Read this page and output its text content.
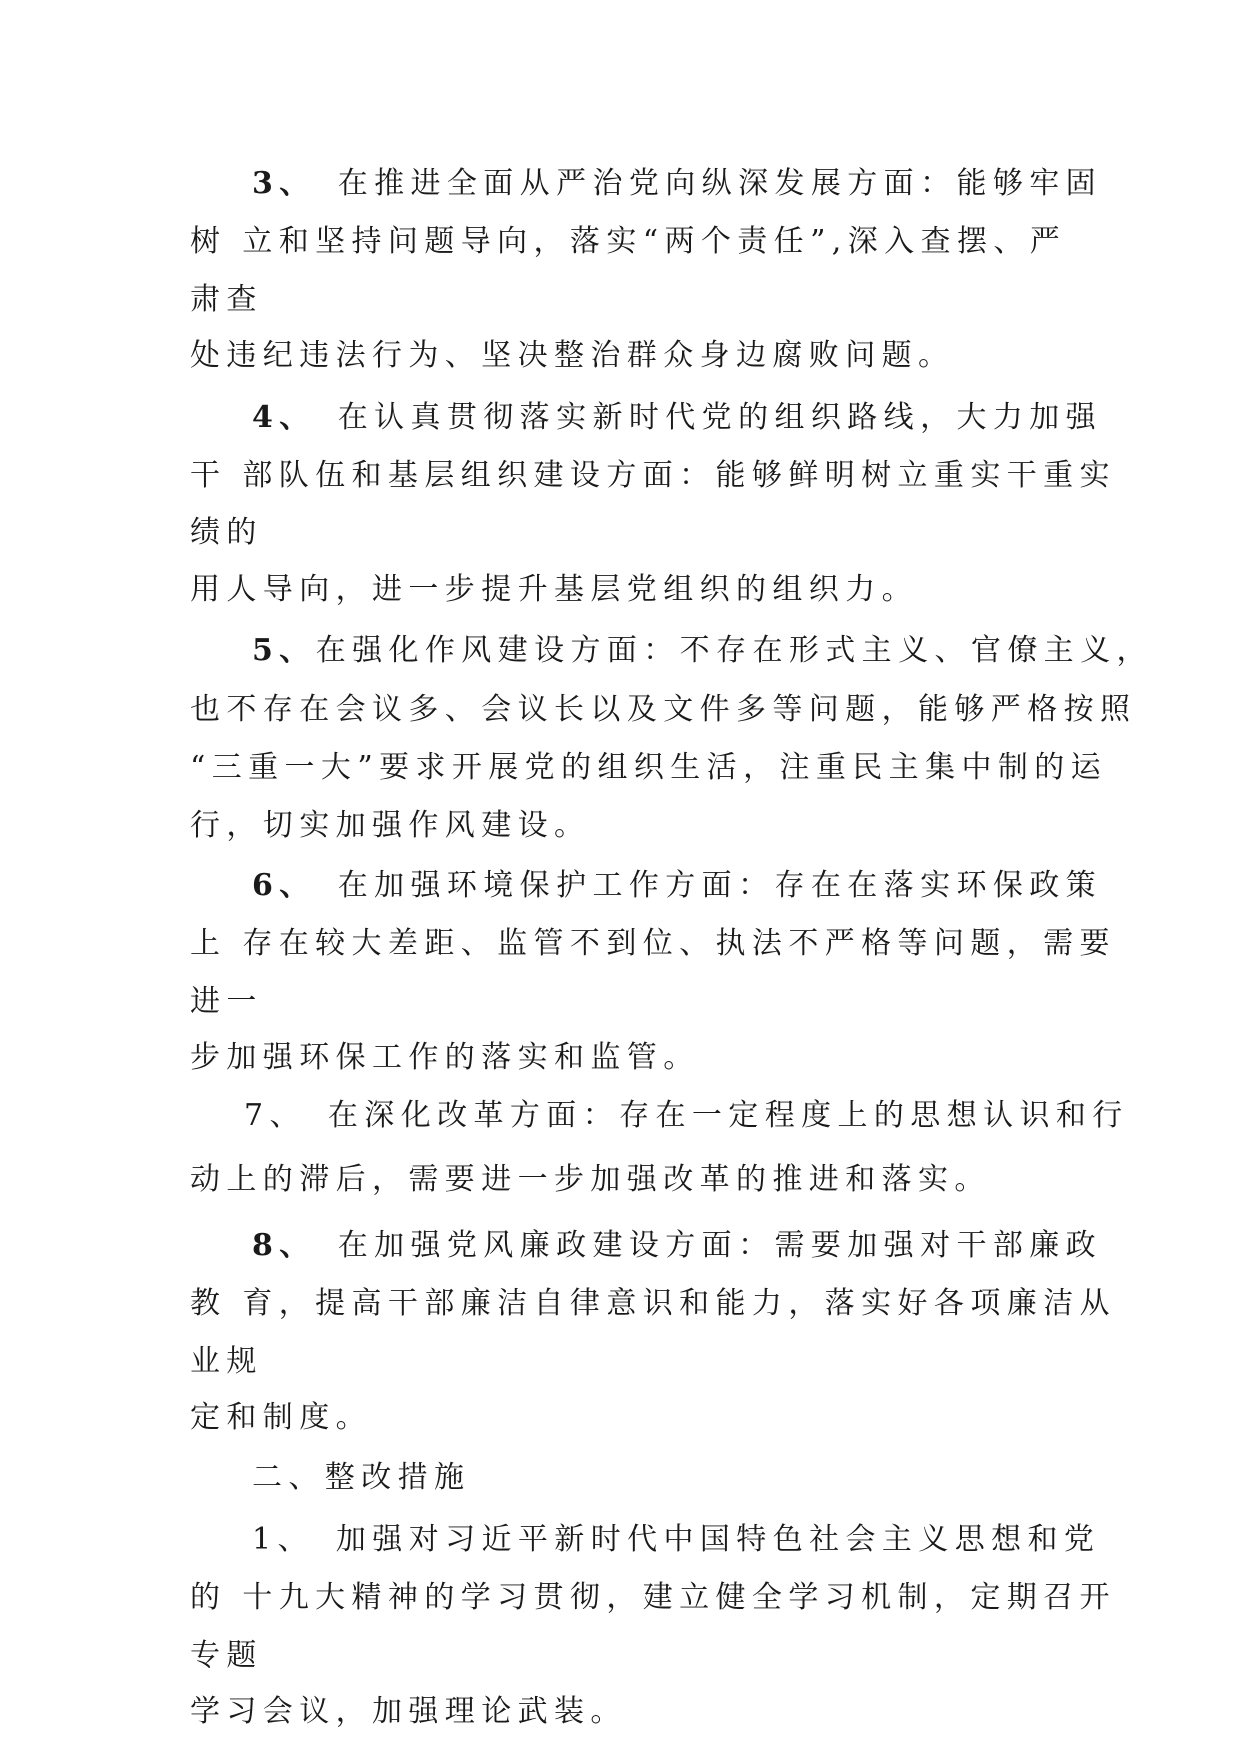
3、 在推进全面从严治党向纵深发展方面：能够牢固

树 立和坚持问题导向，落实“两个责任”,深入查摆、严

肃查

处违纪违法行为、坚决整治群众身边腐败问题。

4、 在认真贯彻落实新时代党的组织路线，大力加强

干 部队伍和基层组织建设方面：能够鲜明树立重实干重实

绩的

用人导向，进一步提升基层党组织的组织力。

5、在强化作风建设方面：不存在形式主义、官僚主义，

也不存在会议多、会议长以及文件多等问题，能够严格按照

“三重一大”要求开展党的组织生活，注重民主集中制的运

行，切实加强作风建设。

6、 在加强环境保护工作方面：存在在落实环保政策

上 存在较大差距、监管不到位、执法不严格等问题，需要

进一

步加强环保工作的落实和监管。

7、 在深化改革方面：存在一定程度上的思想认识和行

动上的滞后，需要进一步加强改革的推进和落实。

8、 在加强党风廉政建设方面：需要加强对干部廉政

教 育，提高干部廉洁自律意识和能力，落实好各项廉洁从

业规

定和制度。

二、整改措施

1、 加强对习近平新时代中国特色社会主义思想和党

的 十九大精神的学习贯彻，建立健全学习机制，定期召开

专题

学习会议，加强理论武装。
